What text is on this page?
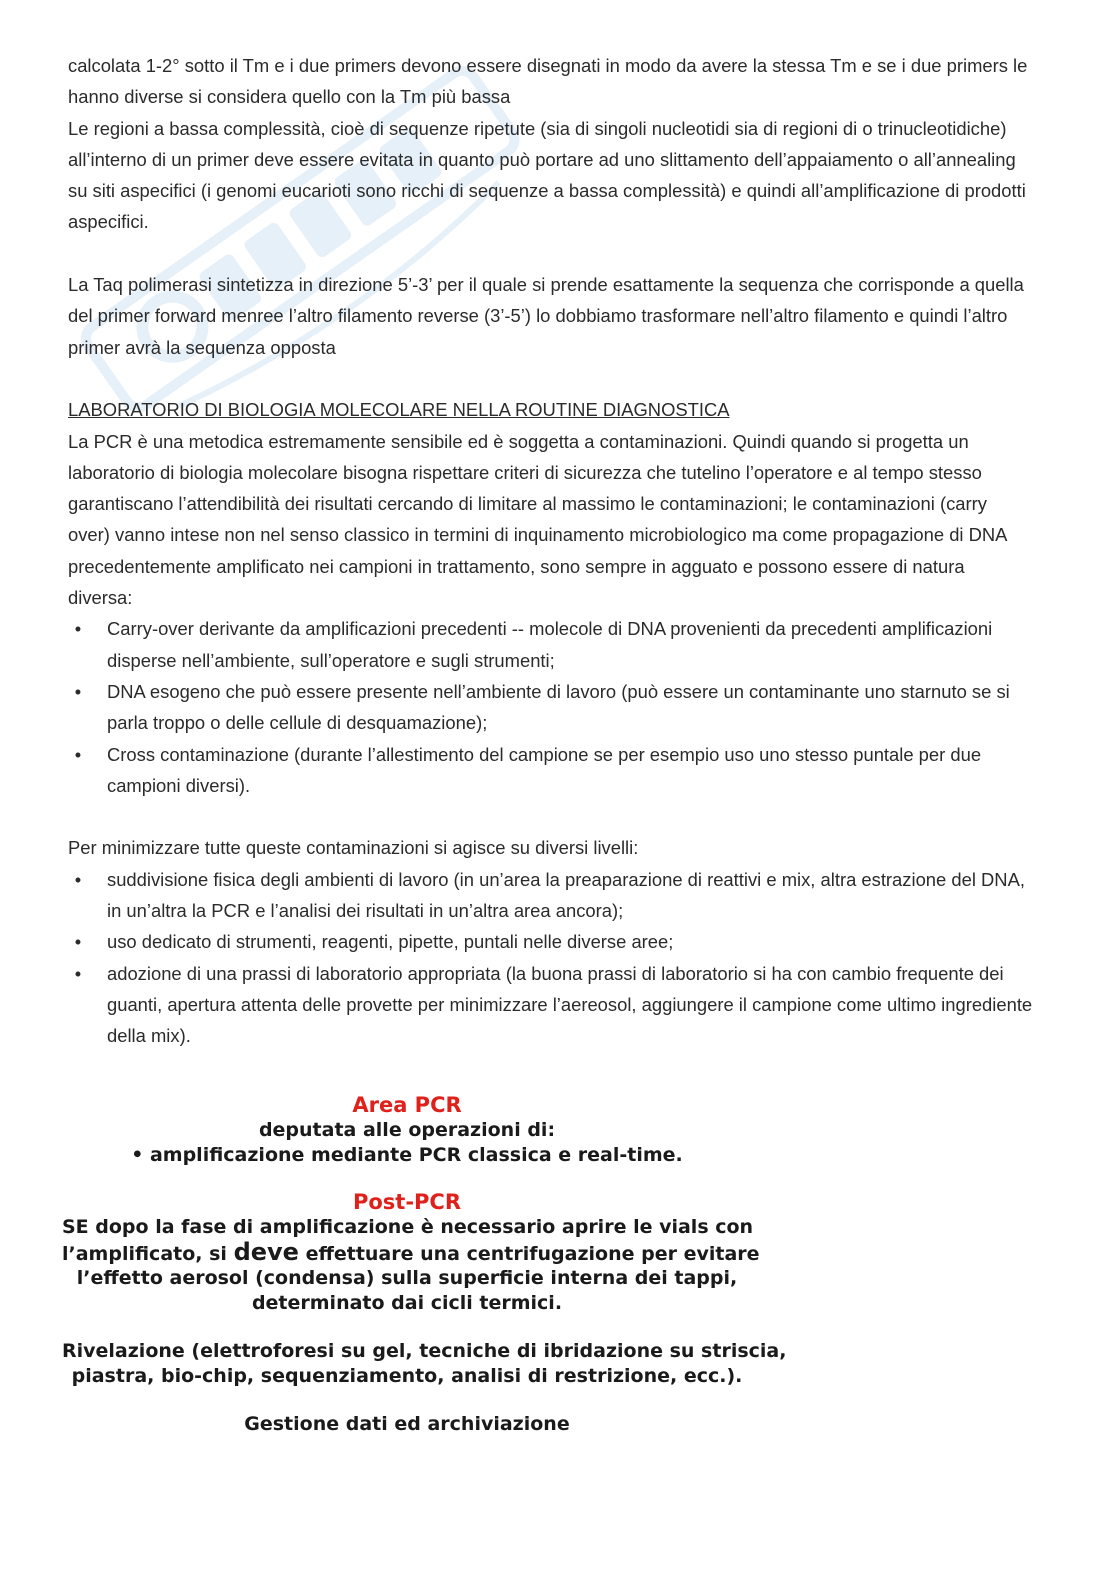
calcolata 1-2° sotto il Tm e i due primers devono essere disegnati in modo da avere la stessa Tm e se i due primers le hanno diverse si considera quello con la Tm più bassa

Le regioni a bassa complessità, cioè di sequenze ripetute (sia di singoli nucleotidi sia di regioni di o trinucleotidiche) all’interno di un primer deve essere evitata in quanto può portare ad uno slittamento dell’appaiamento o all’annealing su siti aspecifici (i genomi eucarioti sono ricchi di sequenze a bassa complessità) e quindi all’amplificazione di prodotti aspecifici.

La Taq polimerasi sintetizza in direzione 5’-3’ per il quale si prende esattamente la sequenza che corrisponde a quella del primer forward menree l’altro filamento reverse (3’-5’) lo dobbiamo trasformare nell’altro filamento e quindi l’altro primer avrà la sequenza opposta

LABORATORIO DI BIOLOGIA MOLECOLARE NELLA ROUTINE DIAGNOSTICA

La PCR è una metodica estremamente sensibile ed è soggetta a contaminazioni. Quindi quando si progetta un laboratorio di biologia molecolare bisogna rispettare criteri di sicurezza che tutelino l’operatore e al tempo stesso garantiscano l’attendibilità dei risultati cercando di limitare al massimo le contaminazioni; le contaminazioni (carry over) vanno intese non nel senso classico in termini di inquinamento microbiologico ma come propagazione di DNA precedentemente amplificato nei campioni in trattamento, sono sempre in agguato e possono essere di natura diversa:

• Carry-over derivante da amplificazioni precedenti -- molecole di DNA provenienti da precedenti amplificazioni disperse nell’ambiente, sull’operatore e sugli strumenti;
• DNA esogeno che può essere presente nell’ambiente di lavoro (può essere un contaminante uno starnuto se si parla troppo o delle cellule di desquamazione);
• Cross contaminazione (durante l’allestimento del campione se per esempio uso uno stesso puntale per due campioni diversi).

Per minimizzare tutte queste contaminazioni si agisce su diversi livelli:

• suddivisione fisica degli ambienti di lavoro (in un’area la preaparazione di reattivi e mix, altra estrazione del DNA, in un’altra la PCR e l’analisi dei risultati in un’altra area ancora);
• uso dedicato di strumenti, reagenti, pipette, puntali nelle diverse aree;
• adozione di una prassi di laboratorio appropriata (la buona prassi di laboratorio si ha con cambio frequente dei guanti, apertura attenta delle provette per minimizzare l’aereosol, aggiungere il campione come ultimo ingrediente della mix).
Area PCR
deputata alle operazioni di:
• amplificazione mediante PCR classica e real-time.
Post-PCR
SE dopo la fase di amplificazione è necessario aprire le vials con
l’amplificato, si deve effettuare una centrifugazione per evitare
l’effetto aerosol (condensa) sulla superficie interna dei tappi,
determinato dai cicli termici.
Rivelazione (elettroforesi su gel, tecniche di ibridazione su striscia,
piastra, bio-chip, sequenziamento, analisi di restrizione, ecc.).
Gestione dati ed archiviazione
